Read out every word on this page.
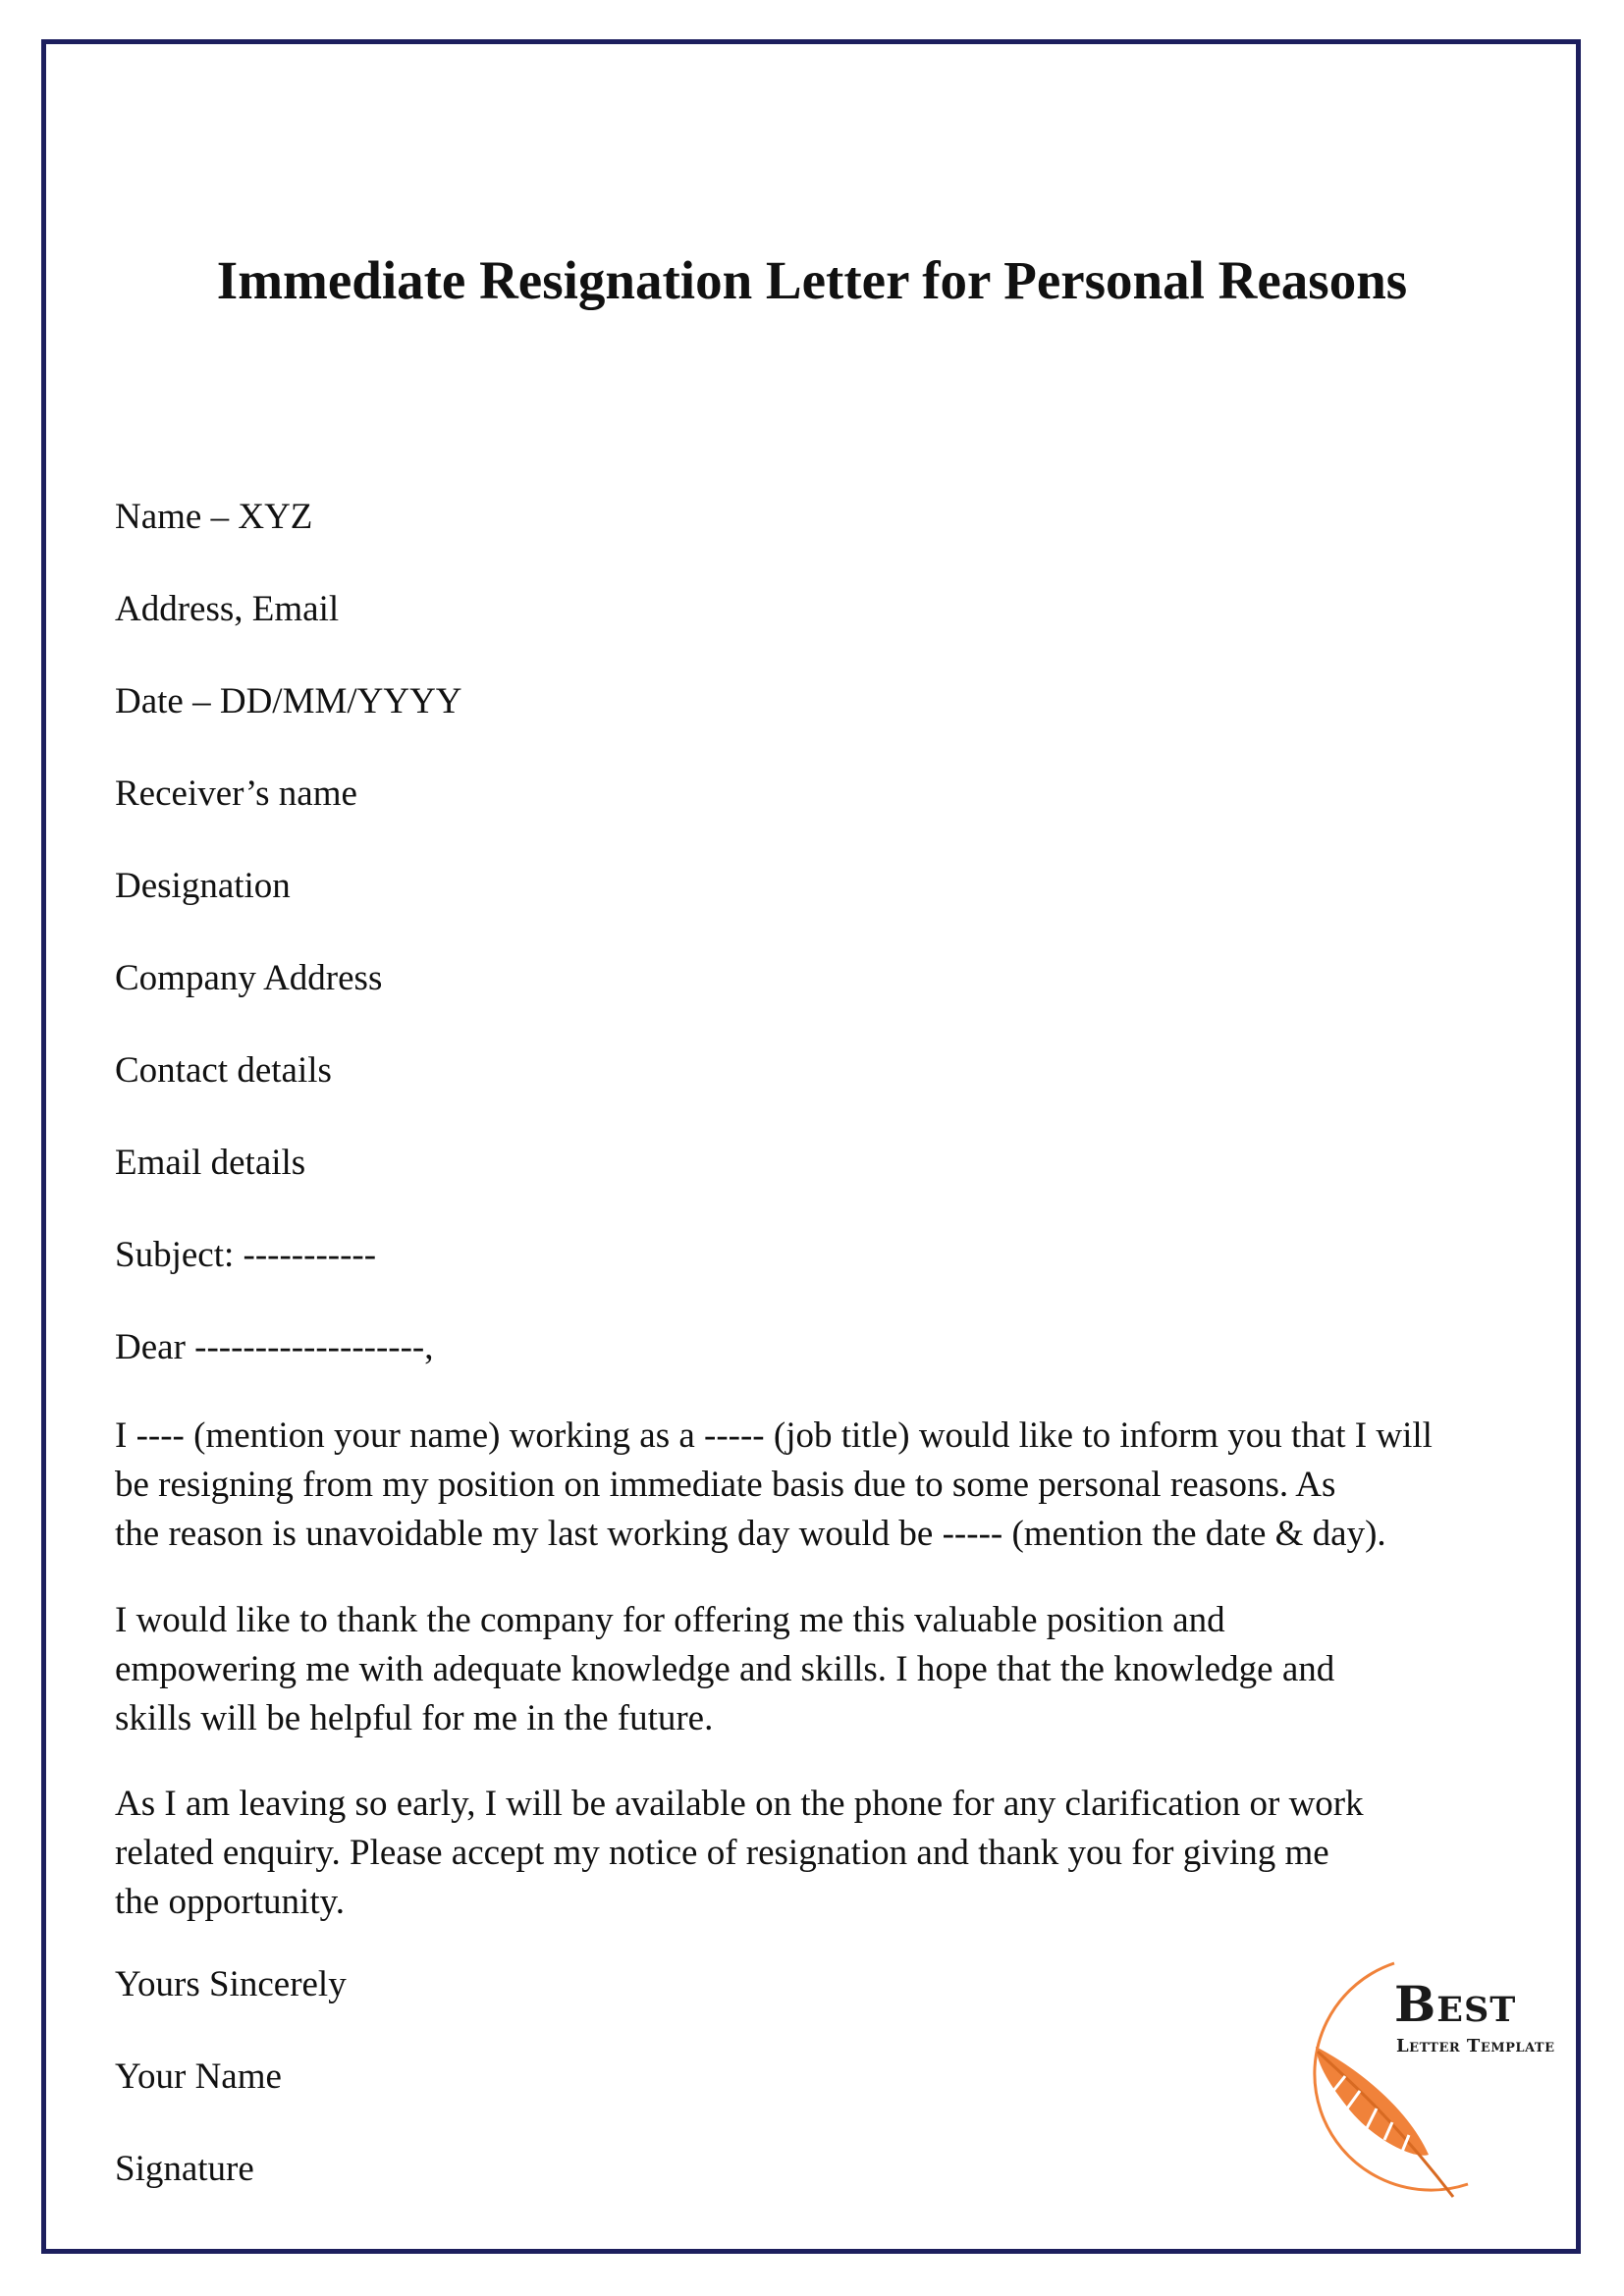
Immediate Resignation Letter for Personal Reasons

Name – XYZ

Address, Email

Date – DD/MM/YYYY

Receiver’s name

Designation

Company Address

Contact details

Email details

Subject: -----------

Dear -------------------,

I ---- (mention your name) working as a ----- (job title) would like to inform you that I will
be resigning from my position on immediate basis due to some personal reasons. As
the reason is unavoidable my last working day would be ----- (mention the date & day).
I would like to thank the company for offering me this valuable position and
empowering me with adequate knowledge and skills. I hope that the knowledge and
skills will be helpful for me in the future.
As I am leaving so early, I will be available on the phone for any clarification or work
related enquiry. Please accept my notice of resignation and thank you for giving me
the opportunity.

Yours Sincerely

Your Name

Signature

Best
Letter Template
